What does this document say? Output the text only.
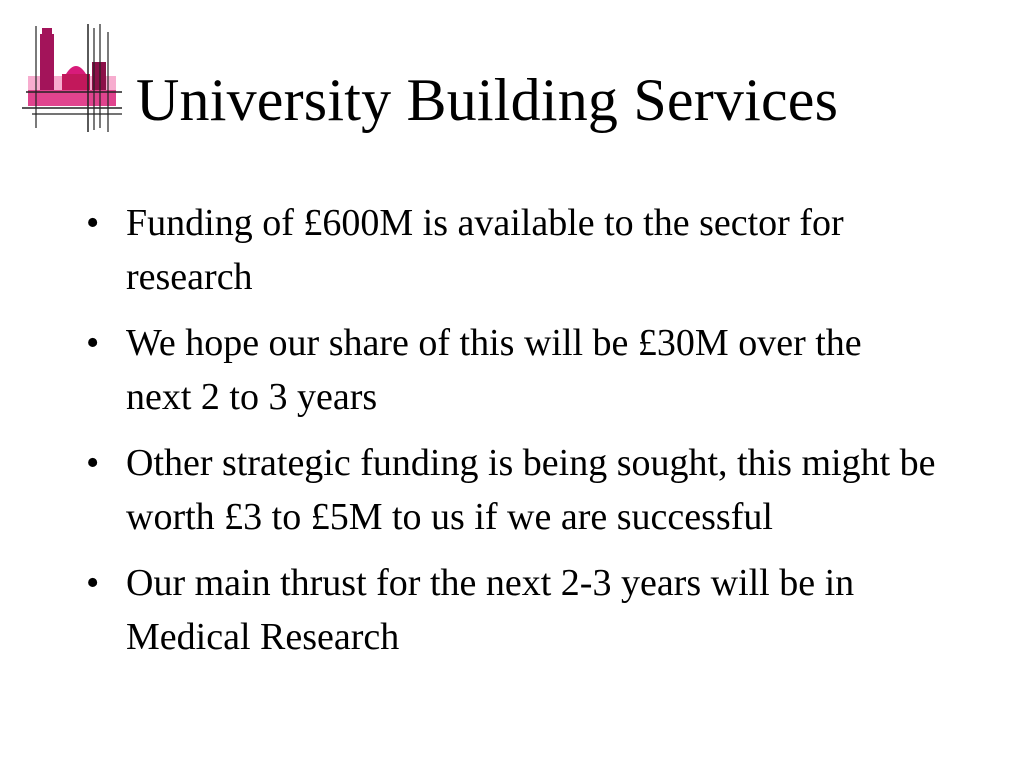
University Building Services
• Funding of £600M is available to the sector for research
• We hope our share of this will be £30M over the next 2 to 3 years
• Other strategic funding is being sought, this might be worth £3 to £5M to us if we are successful
• Our main thrust for the next 2-3 years will be in Medical Research
